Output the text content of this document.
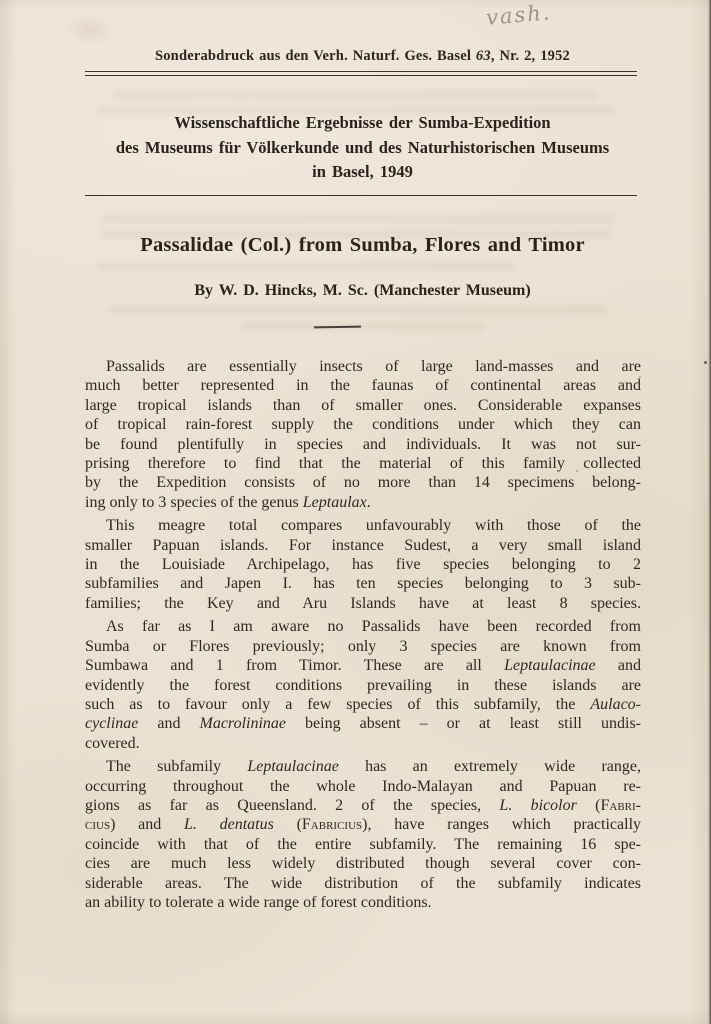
vash.

Sonderabdruck aus den Verh. Naturf. Ges. Basel 63, Nr. 2, 1952

Wissenschaftliche Ergebnisse der Sumba-Expedition

des Museums für Völkerkunde und des Naturhistorischen Museums

in Basel, 1949

Passalidae (Col.) from Sumba, Flores and Timor

By W. D. Hincks, M. Sc. (Manchester Museum)

Passalids are essentially insects of large land-masses and are
much better represented in the faunas of continental areas and
large tropical islands than of smaller ones. Considerable expanses
of tropical rain-forest supply the conditions under which they can
be found plentifully in species and individuals. It was not sur-
prising therefore to find that the material of this family collected
by the Expedition consists of no more than 14 specimens belong-
ing only to 3 species of the genus Leptaulax.

This meagre total compares unfavourably with those of the
smaller Papuan islands. For instance Sudest, a very small island
in the Louisiade Archipelago, has five species belonging to 2
subfamilies and Japen I. has ten species belonging to 3 sub-
families; the Key and Aru Islands have at least 8 species.

As far as I am aware no Passalids have been recorded from
Sumba or Flores previously; only 3 species are known from
Sumbawa and 1 from Timor. These are all Leptaulacinae and
evidently the forest conditions prevailing in these islands are
such as to favour only a few species of this subfamily, the Aulaco-
cyclinae and Macrolininae being absent – or at least still undis-
covered.

The subfamily Leptaulacinae has an extremely wide range,
occurring throughout the whole Indo-Malayan and Papuan re-
gions as far as Queensland. 2 of the species, L. bicolor (Fabri-
cius) and L. dentatus (Fabricius), have ranges which practically
coincide with that of the entire subfamily. The remaining 16 spe-
cies are much less widely distributed though several cover con-
siderable areas. The wide distribution of the subfamily indicates
an ability to tolerate a wide range of forest conditions.
